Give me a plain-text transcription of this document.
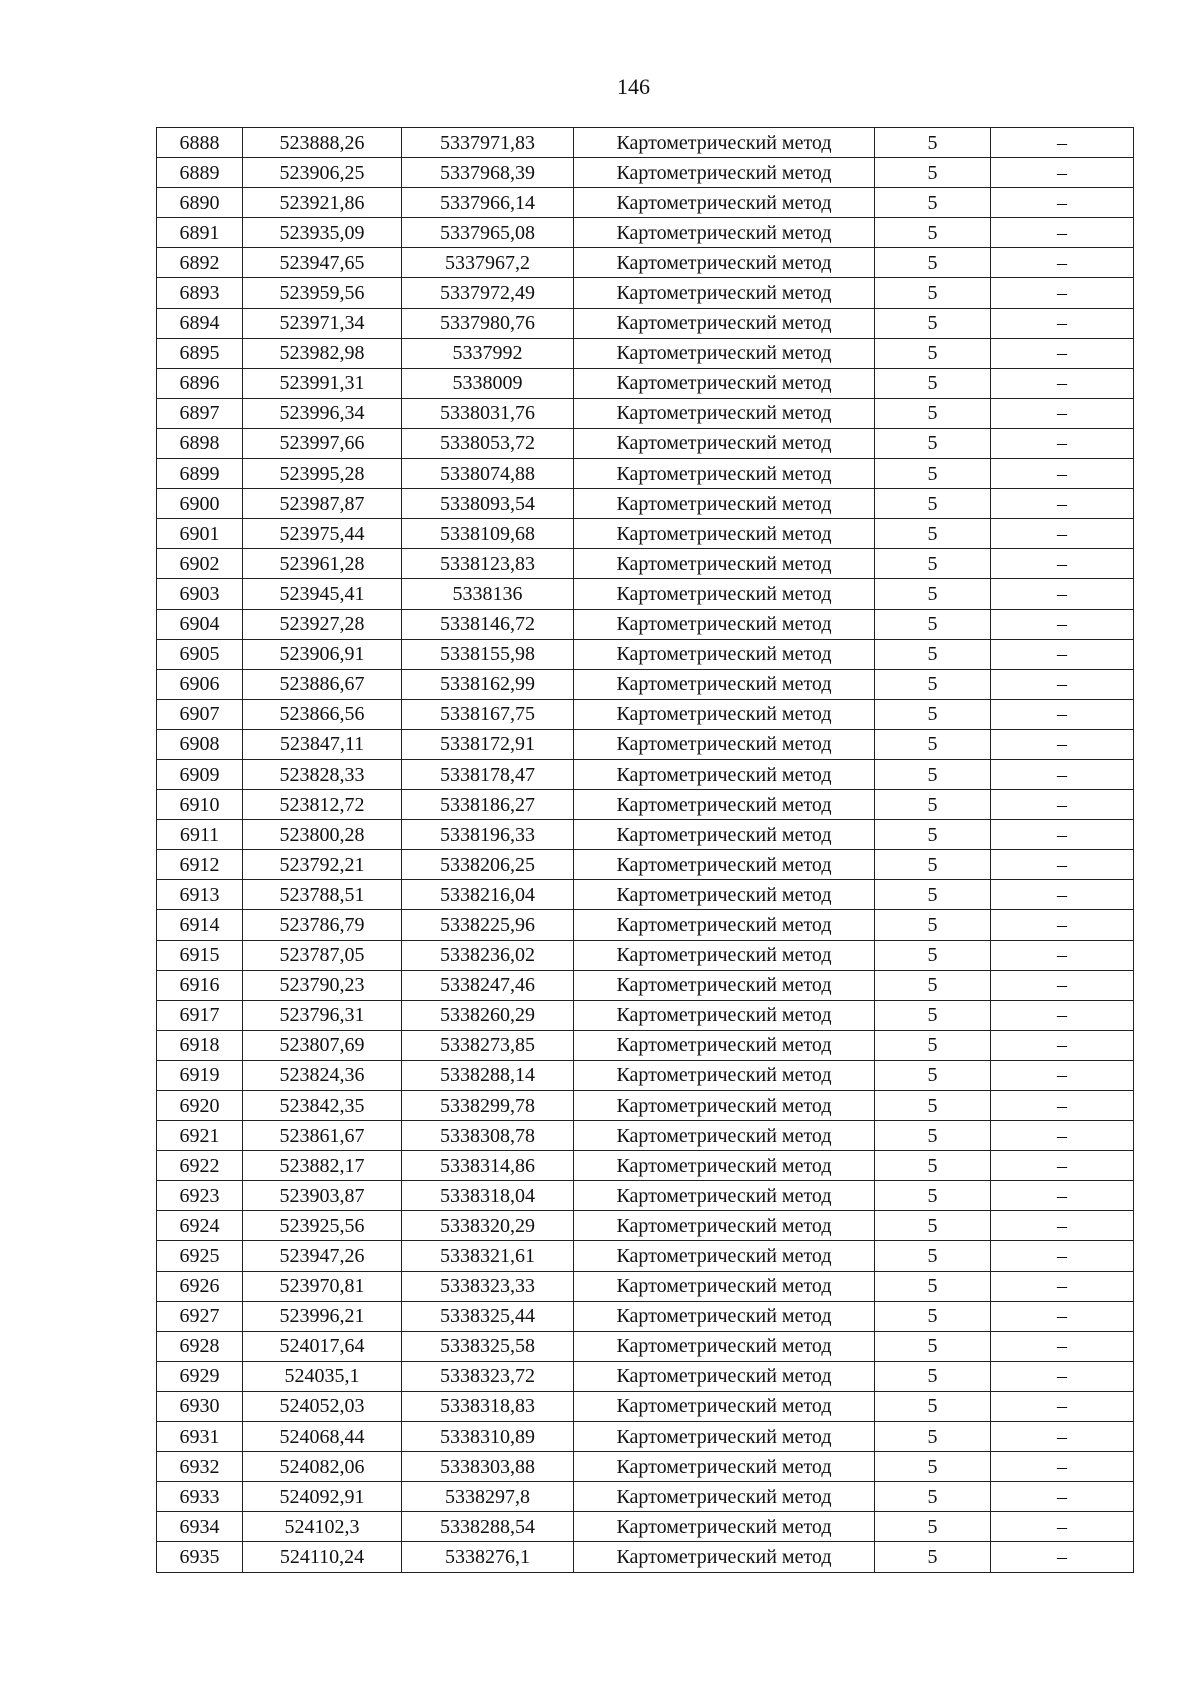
146
6888	523888,26	5337971,83	Картометрический метод	5	–
6889	523906,25	5337968,39	Картометрический метод	5	–
6890	523921,86	5337966,14	Картометрический метод	5	–
6891	523935,09	5337965,08	Картометрический метод	5	–
6892	523947,65	5337967,2	Картометрический метод	5	–
6893	523959,56	5337972,49	Картометрический метод	5	–
6894	523971,34	5337980,76	Картометрический метод	5	–
6895	523982,98	5337992	Картометрический метод	5	–
6896	523991,31	5338009	Картометрический метод	5	–
6897	523996,34	5338031,76	Картометрический метод	5	–
6898	523997,66	5338053,72	Картометрический метод	5	–
6899	523995,28	5338074,88	Картометрический метод	5	–
6900	523987,87	5338093,54	Картометрический метод	5	–
6901	523975,44	5338109,68	Картометрический метод	5	–
6902	523961,28	5338123,83	Картометрический метод	5	–
6903	523945,41	5338136	Картометрический метод	5	–
6904	523927,28	5338146,72	Картометрический метод	5	–
6905	523906,91	5338155,98	Картометрический метод	5	–
6906	523886,67	5338162,99	Картометрический метод	5	–
6907	523866,56	5338167,75	Картометрический метод	5	–
6908	523847,11	5338172,91	Картометрический метод	5	–
6909	523828,33	5338178,47	Картометрический метод	5	–
6910	523812,72	5338186,27	Картометрический метод	5	–
6911	523800,28	5338196,33	Картометрический метод	5	–
6912	523792,21	5338206,25	Картометрический метод	5	–
6913	523788,51	5338216,04	Картометрический метод	5	–
6914	523786,79	5338225,96	Картометрический метод	5	–
6915	523787,05	5338236,02	Картометрический метод	5	–
6916	523790,23	5338247,46	Картометрический метод	5	–
6917	523796,31	5338260,29	Картометрический метод	5	–
6918	523807,69	5338273,85	Картометрический метод	5	–
6919	523824,36	5338288,14	Картометрический метод	5	–
6920	523842,35	5338299,78	Картометрический метод	5	–
6921	523861,67	5338308,78	Картометрический метод	5	–
6922	523882,17	5338314,86	Картометрический метод	5	–
6923	523903,87	5338318,04	Картометрический метод	5	–
6924	523925,56	5338320,29	Картометрический метод	5	–
6925	523947,26	5338321,61	Картометрический метод	5	–
6926	523970,81	5338323,33	Картометрический метод	5	–
6927	523996,21	5338325,44	Картометрический метод	5	–
6928	524017,64	5338325,58	Картометрический метод	5	–
6929	524035,1	5338323,72	Картометрический метод	5	–
6930	524052,03	5338318,83	Картометрический метод	5	–
6931	524068,44	5338310,89	Картометрический метод	5	–
6932	524082,06	5338303,88	Картометрический метод	5	–
6933	524092,91	5338297,8	Картометрический метод	5	–
6934	524102,3	5338288,54	Картометрический метод	5	–
6935	524110,24	5338276,1	Картометрический метод	5	–
